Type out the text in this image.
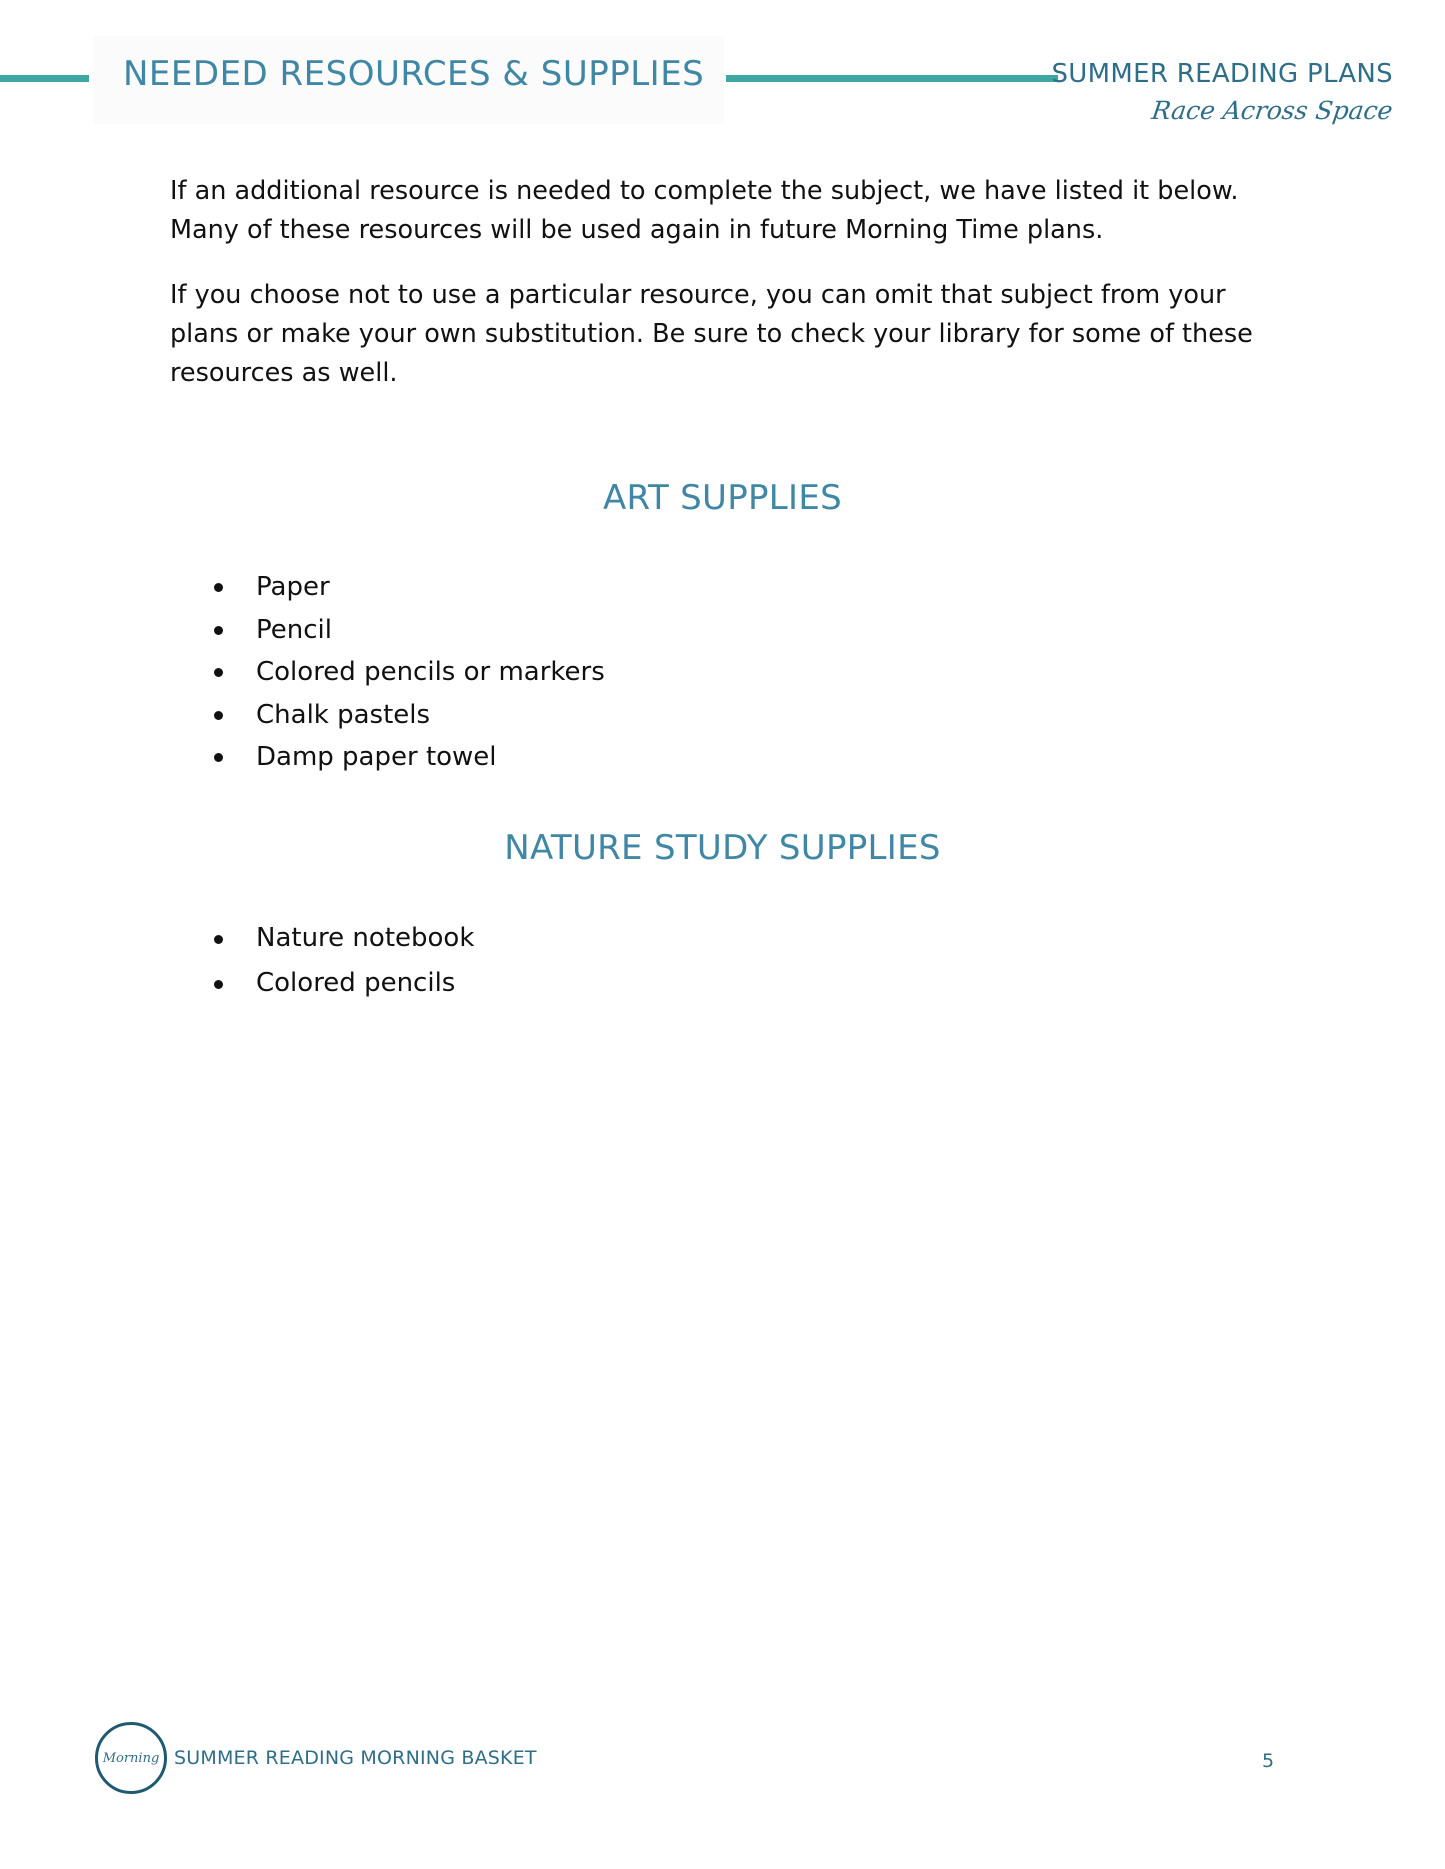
NEEDED RESOURCES & SUPPLIES	SUMMER READING PLANS
Race Across Space

If an additional resource is needed to complete the subject, we have listed it below. Many of these resources will be used again in future Morning Time plans.

If you choose not to use a particular resource, you can omit that subject from your plans or make your own substitution. Be sure to check your library for some of these resources as well.

ART SUPPLIES
Paper
Pencil
Colored pencils or markers
Chalk pastels
Damp paper towel
NATURE STUDY SUPPLIES
Nature notebook
Colored pencils
Morning SUMMER READING MORNING BASKET	5
